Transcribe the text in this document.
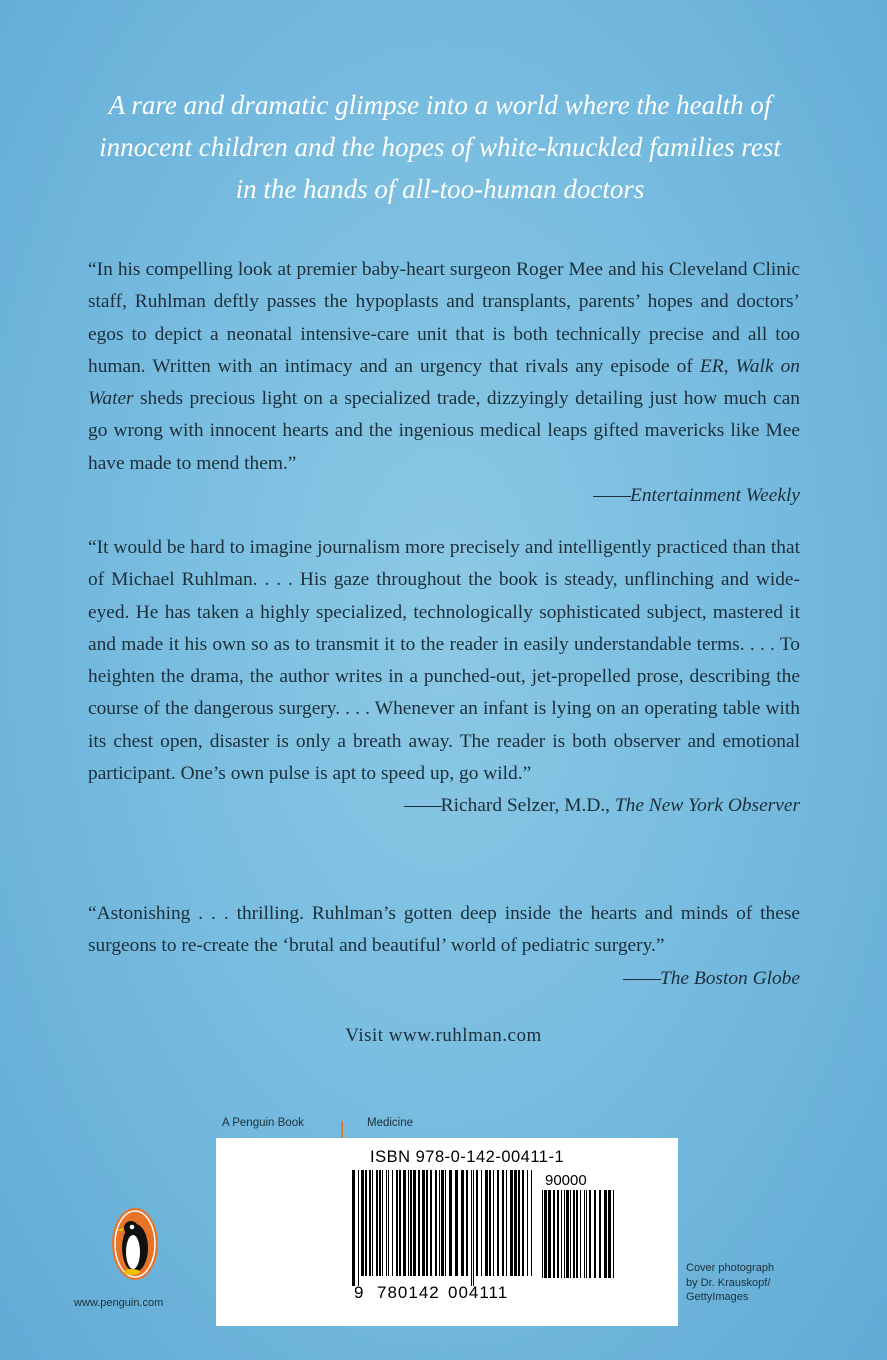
A rare and dramatic glimpse into a world where the health of innocent children and the hopes of white-knuckled families rest in the hands of all-too-human doctors

“In his compelling look at premier baby-heart surgeon Roger Mee and his Cleveland Clinic staff, Ruhlman deftly passes the hypoplasts and transplants, parents’ hopes and doctors’ egos to depict a neonatal intensive-care unit that is both technically precise and all too human. Written with an intimacy and an urgency that rivals any episode of ER, Walk on Water sheds precious light on a specialized trade, dizzyingly detailing just how much can go wrong with innocent hearts and the ingenious medical leaps gifted mavericks like Mee have made to mend them.”

——Entertainment Weekly

“It would be hard to imagine journalism more precisely and intelligently practiced than that of Michael Ruhlman. . . . His gaze throughout the book is steady, unflinching and wide-eyed. He has taken a highly specialized, technologically sophisticated subject, mastered it and made it his own so as to transmit it to the reader in easily understandable terms. . . . To heighten the drama, the author writes in a punched-out, jet-propelled prose, describing the course of the dangerous surgery. . . . Whenever an infant is lying on an operating table with its chest open, disaster is only a breath away. The reader is both observer and emotional participant. One’s own pulse is apt to speed up, go wild.”

——Richard Selzer, M.D., The New York Observer

“Astonishing . . . thrilling. Ruhlman’s gotten deep inside the hearts and minds of these surgeons to re-create the ‘brutal and beautiful’ world of pediatric surgery.”

——The Boston Globe

Visit www.ruhlman.com
A Penguin Book	Medicine
ISBN 978-0-142-00411-1
90000
9 780142 004111
www.penguin.com
Cover photograph
by Dr. Krauskopf/
GettyImages
